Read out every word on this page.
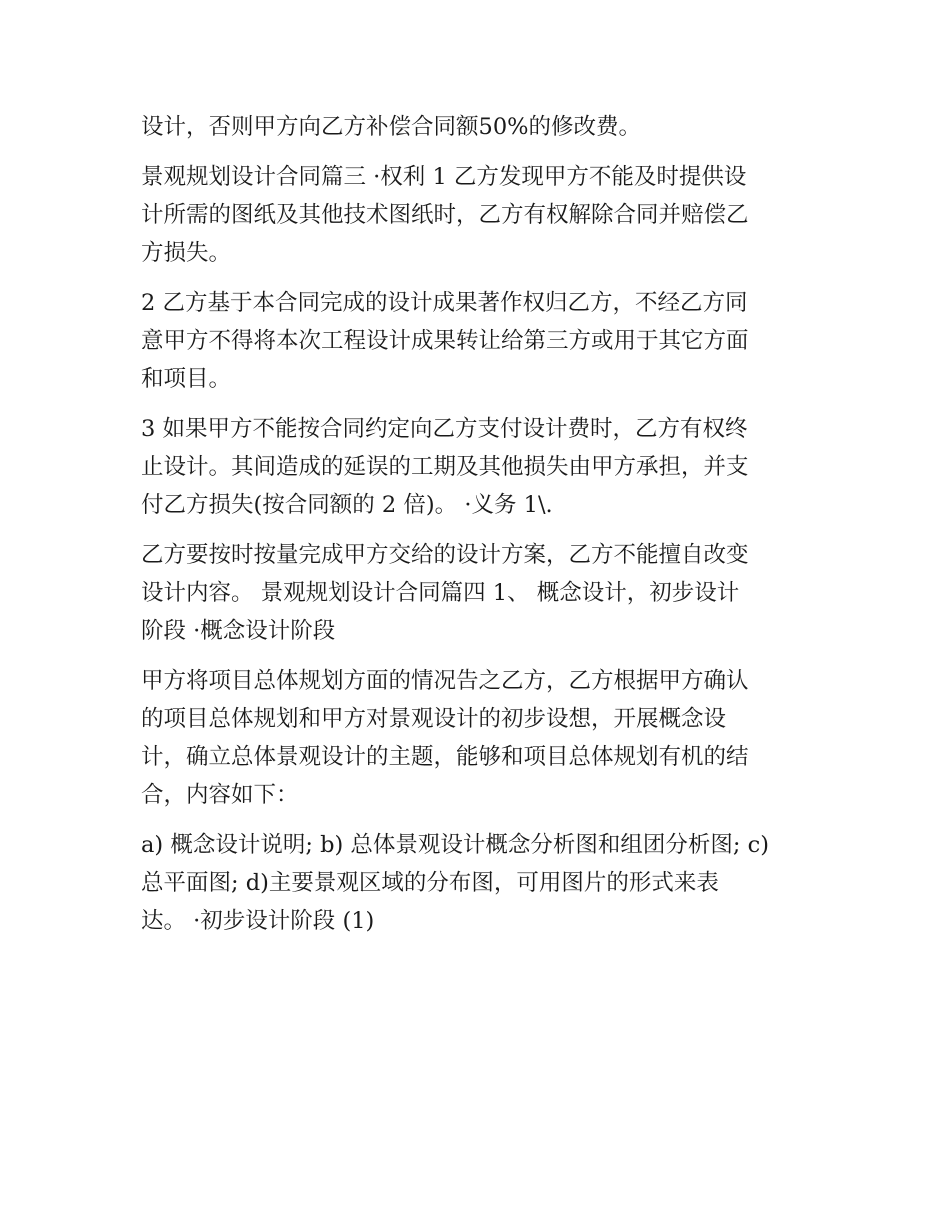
设计，否则甲方向乙方补偿合同额50%的修改费。
景观规划设计合同篇三 ·权利 1 乙方发现甲方不能及时提供设
计所需的图纸及其他技术图纸时，乙方有权解除合同并赔偿乙
方损失。
2 乙方基于本合同完成的设计成果著作权归乙方，不经乙方同
意甲方不得将本次工程设计成果转让给第三方或用于其它方面
和项目。
3 如果甲方不能按合同约定向乙方支付设计费时，乙方有权终
止设计。其间造成的延误的工期及其他损失由甲方承担，并支
付乙方损失(按合同额的 2 倍)。 ·义务 1\.
乙方要按时按量完成甲方交给的设计方案，乙方不能擅自改变
设计内容。 景观规划设计合同篇四 1、 概念设计，初步设计
阶段 ·概念设计阶段
甲方将项目总体规划方面的情况告之乙方，乙方根据甲方确认
的项目总体规划和甲方对景观设计的初步设想，开展概念设
计，确立总体景观设计的主题，能够和项目总体规划有机的结
合，内容如下：
a) 概念设计说明; b) 总体景观设计概念分析图和组团分析图; c)
总平面图; d)主要景观区域的分布图，可用图片的形式来表
达。 ·初步设计阶段 (1)
